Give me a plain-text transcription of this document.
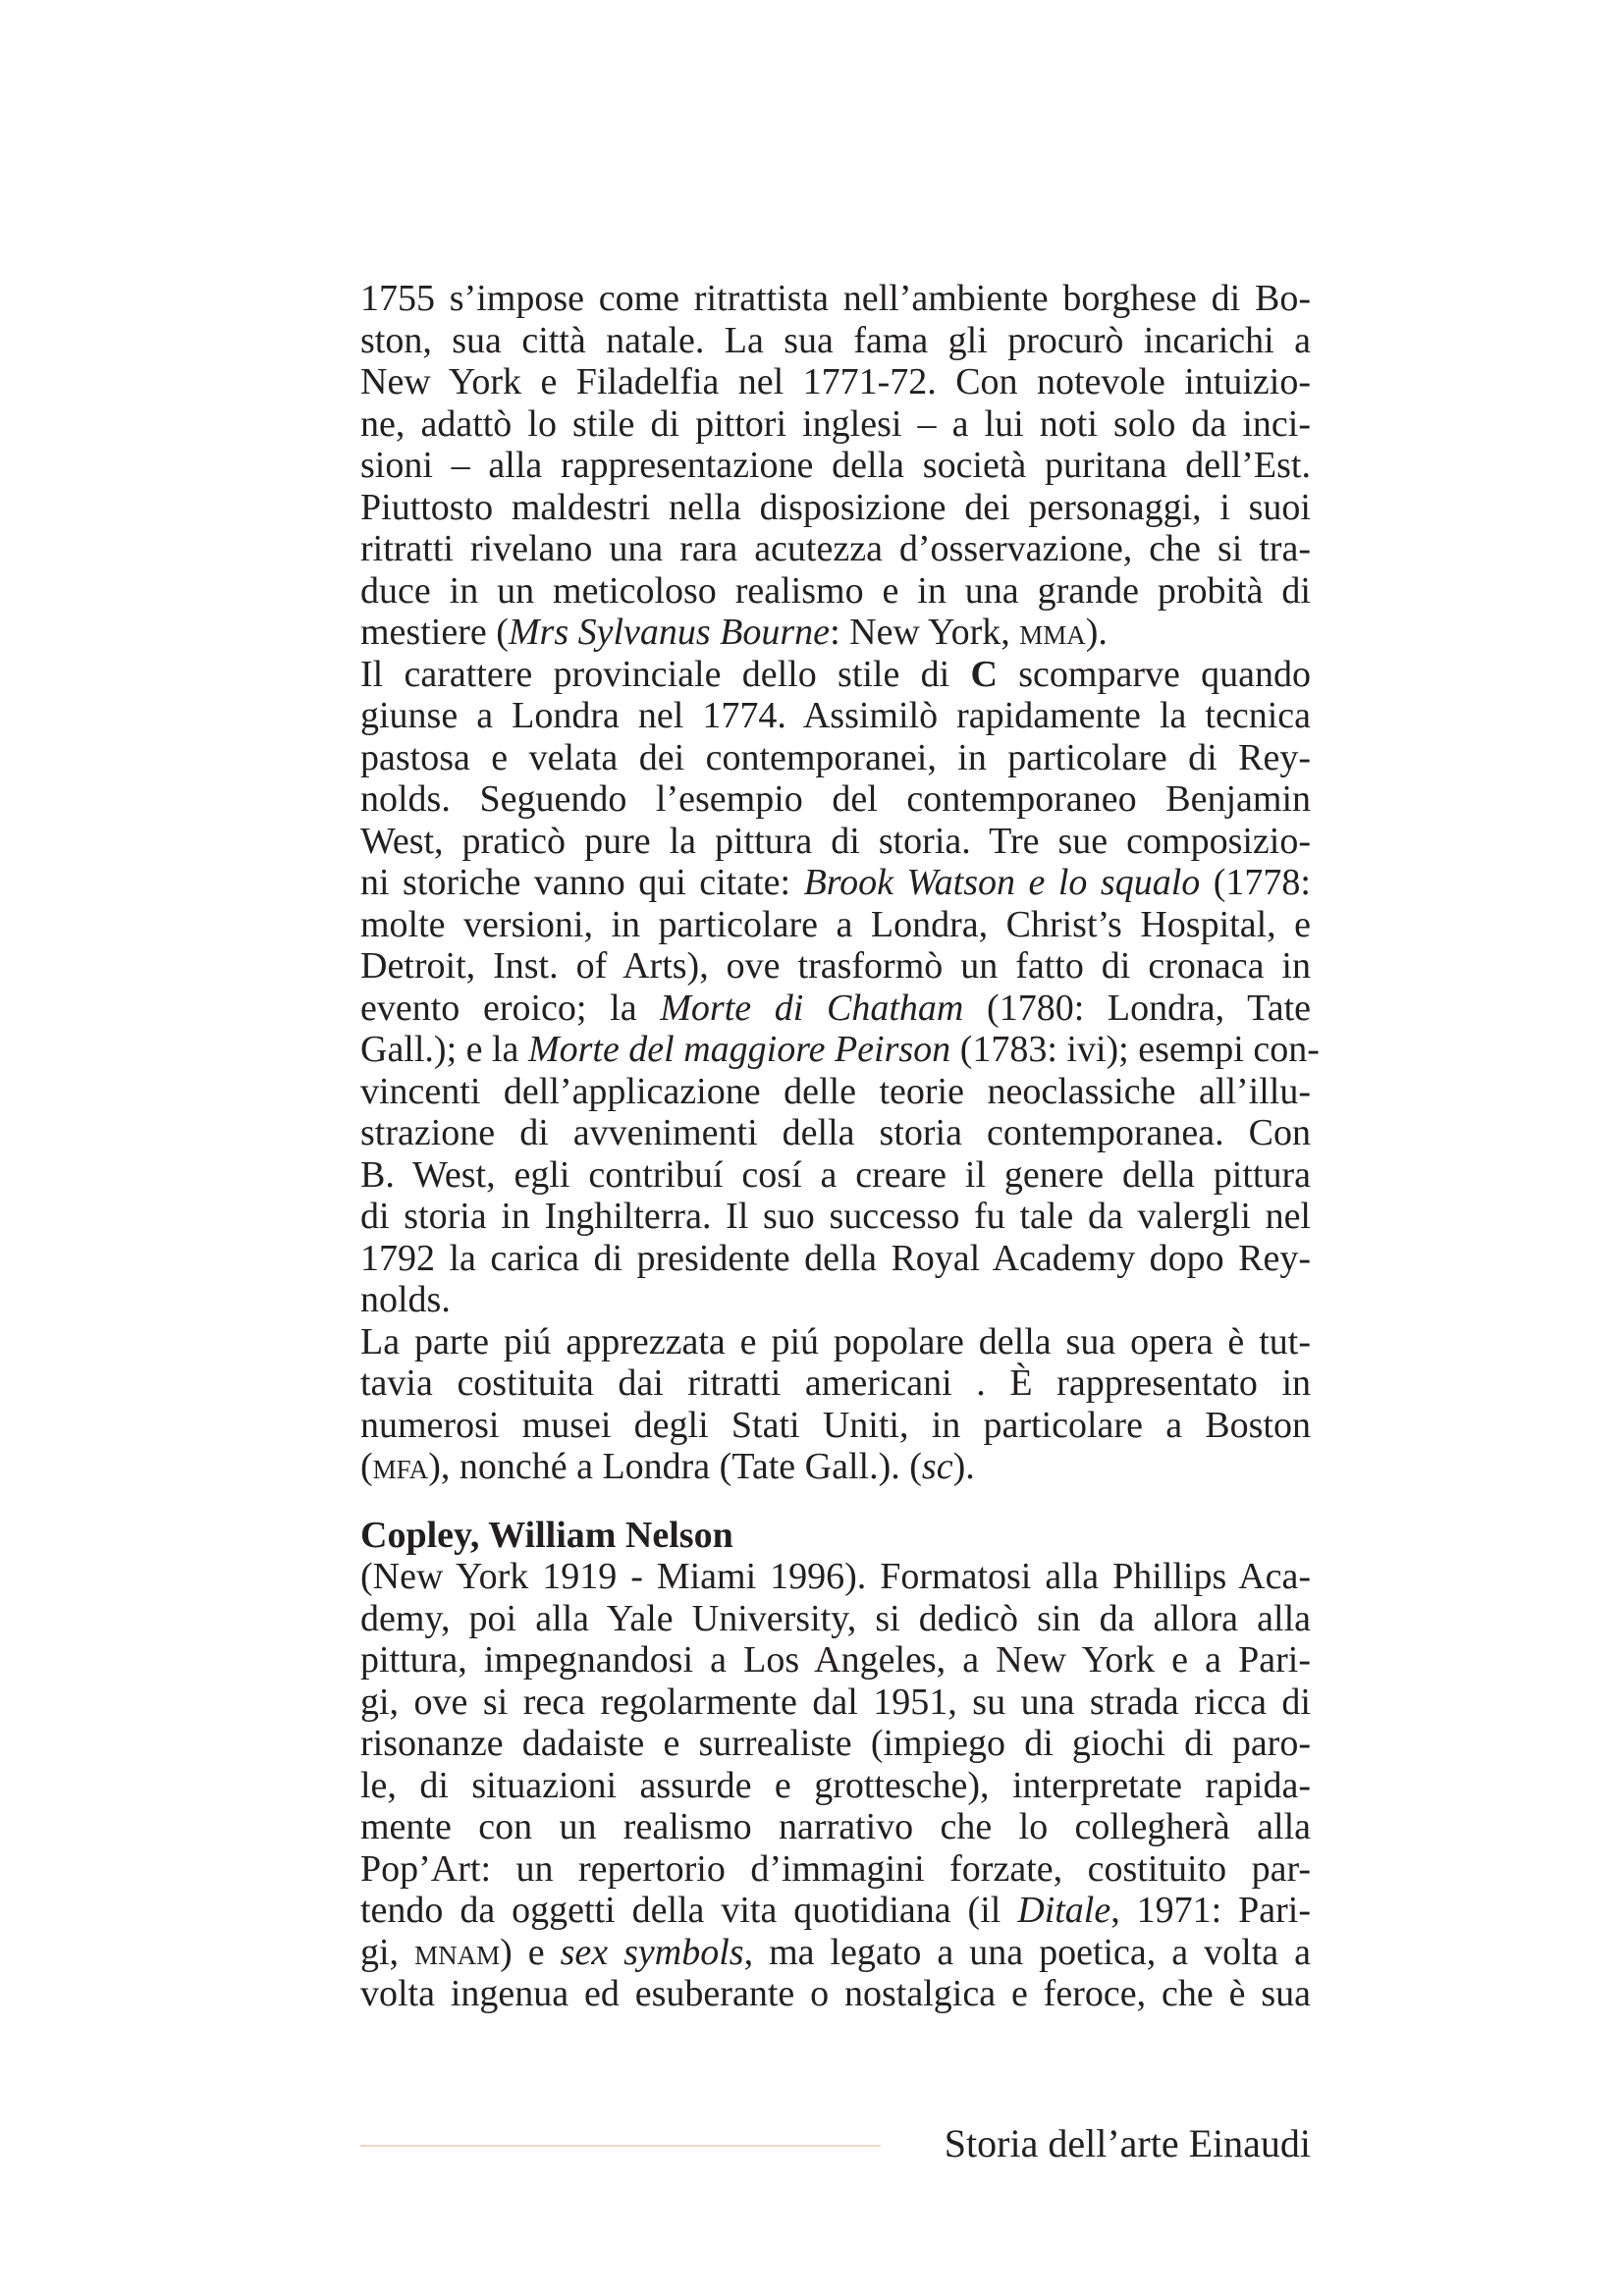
1755 s’impose come ritrattista nell’ambiente borghese di Bo-
ston, sua città natale. La sua fama gli procurò incarichi a
New York e Filadelfia nel 1771-72. Con notevole intuizio-
ne, adattò lo stile di pittori inglesi – a lui noti solo da inci-
sioni – alla rappresentazione della società puritana dell’Est.
Piuttosto maldestri nella disposizione dei personaggi, i suoi
ritratti rivelano una rara acutezza d’osservazione, che si tra-
duce in un meticoloso realismo e in una grande probità di
mestiere (Mrs Sylvanus Bourne: New York, mma).
Il carattere provinciale dello stile di C scomparve quando
giunse a Londra nel 1774. Assimilò rapidamente la tecnica
pastosa e velata dei contemporanei, in particolare di Rey-
nolds. Seguendo l’esempio del contemporaneo Benjamin
West, praticò pure la pittura di storia. Tre sue composizio-
ni storiche vanno qui citate: Brook Watson e lo squalo (1778:
molte versioni, in particolare a Londra, Christ’s Hospital, e
Detroit, Inst. of Arts), ove trasformò un fatto di cronaca in
evento eroico; la Morte di Chatham (1780: Londra, Tate
Gall.); e la Morte del maggiore Peirson (1783: ivi); esempi con-
vincenti dell’applicazione delle teorie neoclassiche all’illu-
strazione di avvenimenti della storia contemporanea. Con
B. West, egli contribuí cosí a creare il genere della pittura
di storia in Inghilterra. Il suo successo fu tale da valergli nel
1792 la carica di presidente della Royal Academy dopo Rey-
nolds.
La parte piú apprezzata e piú popolare della sua opera è tut-
tavia costituita dai ritratti americani . È rappresentato in
numerosi musei degli Stati Uniti, in particolare a Boston
(mfa), nonché a Londra (Tate Gall.). (sc).
Copley, William Nelson
(New York 1919 - Miami 1996). Formatosi alla Phillips Aca-
demy, poi alla Yale University, si dedicò sin da allora alla
pittura, impegnandosi a Los Angeles, a New York e a Pari-
gi, ove si reca regolarmente dal 1951, su una strada ricca di
risonanze dadaiste e surrealiste (impiego di giochi di paro-
le, di situazioni assurde e grottesche), interpretate rapida-
mente con un realismo narrativo che lo collegherà alla
Pop’Art: un repertorio d’immagini forzate, costituito par-
tendo da oggetti della vita quotidiana (il Ditale, 1971: Pari-
gi, mnam) e sex symbols, ma legato a una poetica, a volta a
volta ingenua ed esuberante o nostalgica e feroce, che è sua
Storia dell’arte Einaudi
